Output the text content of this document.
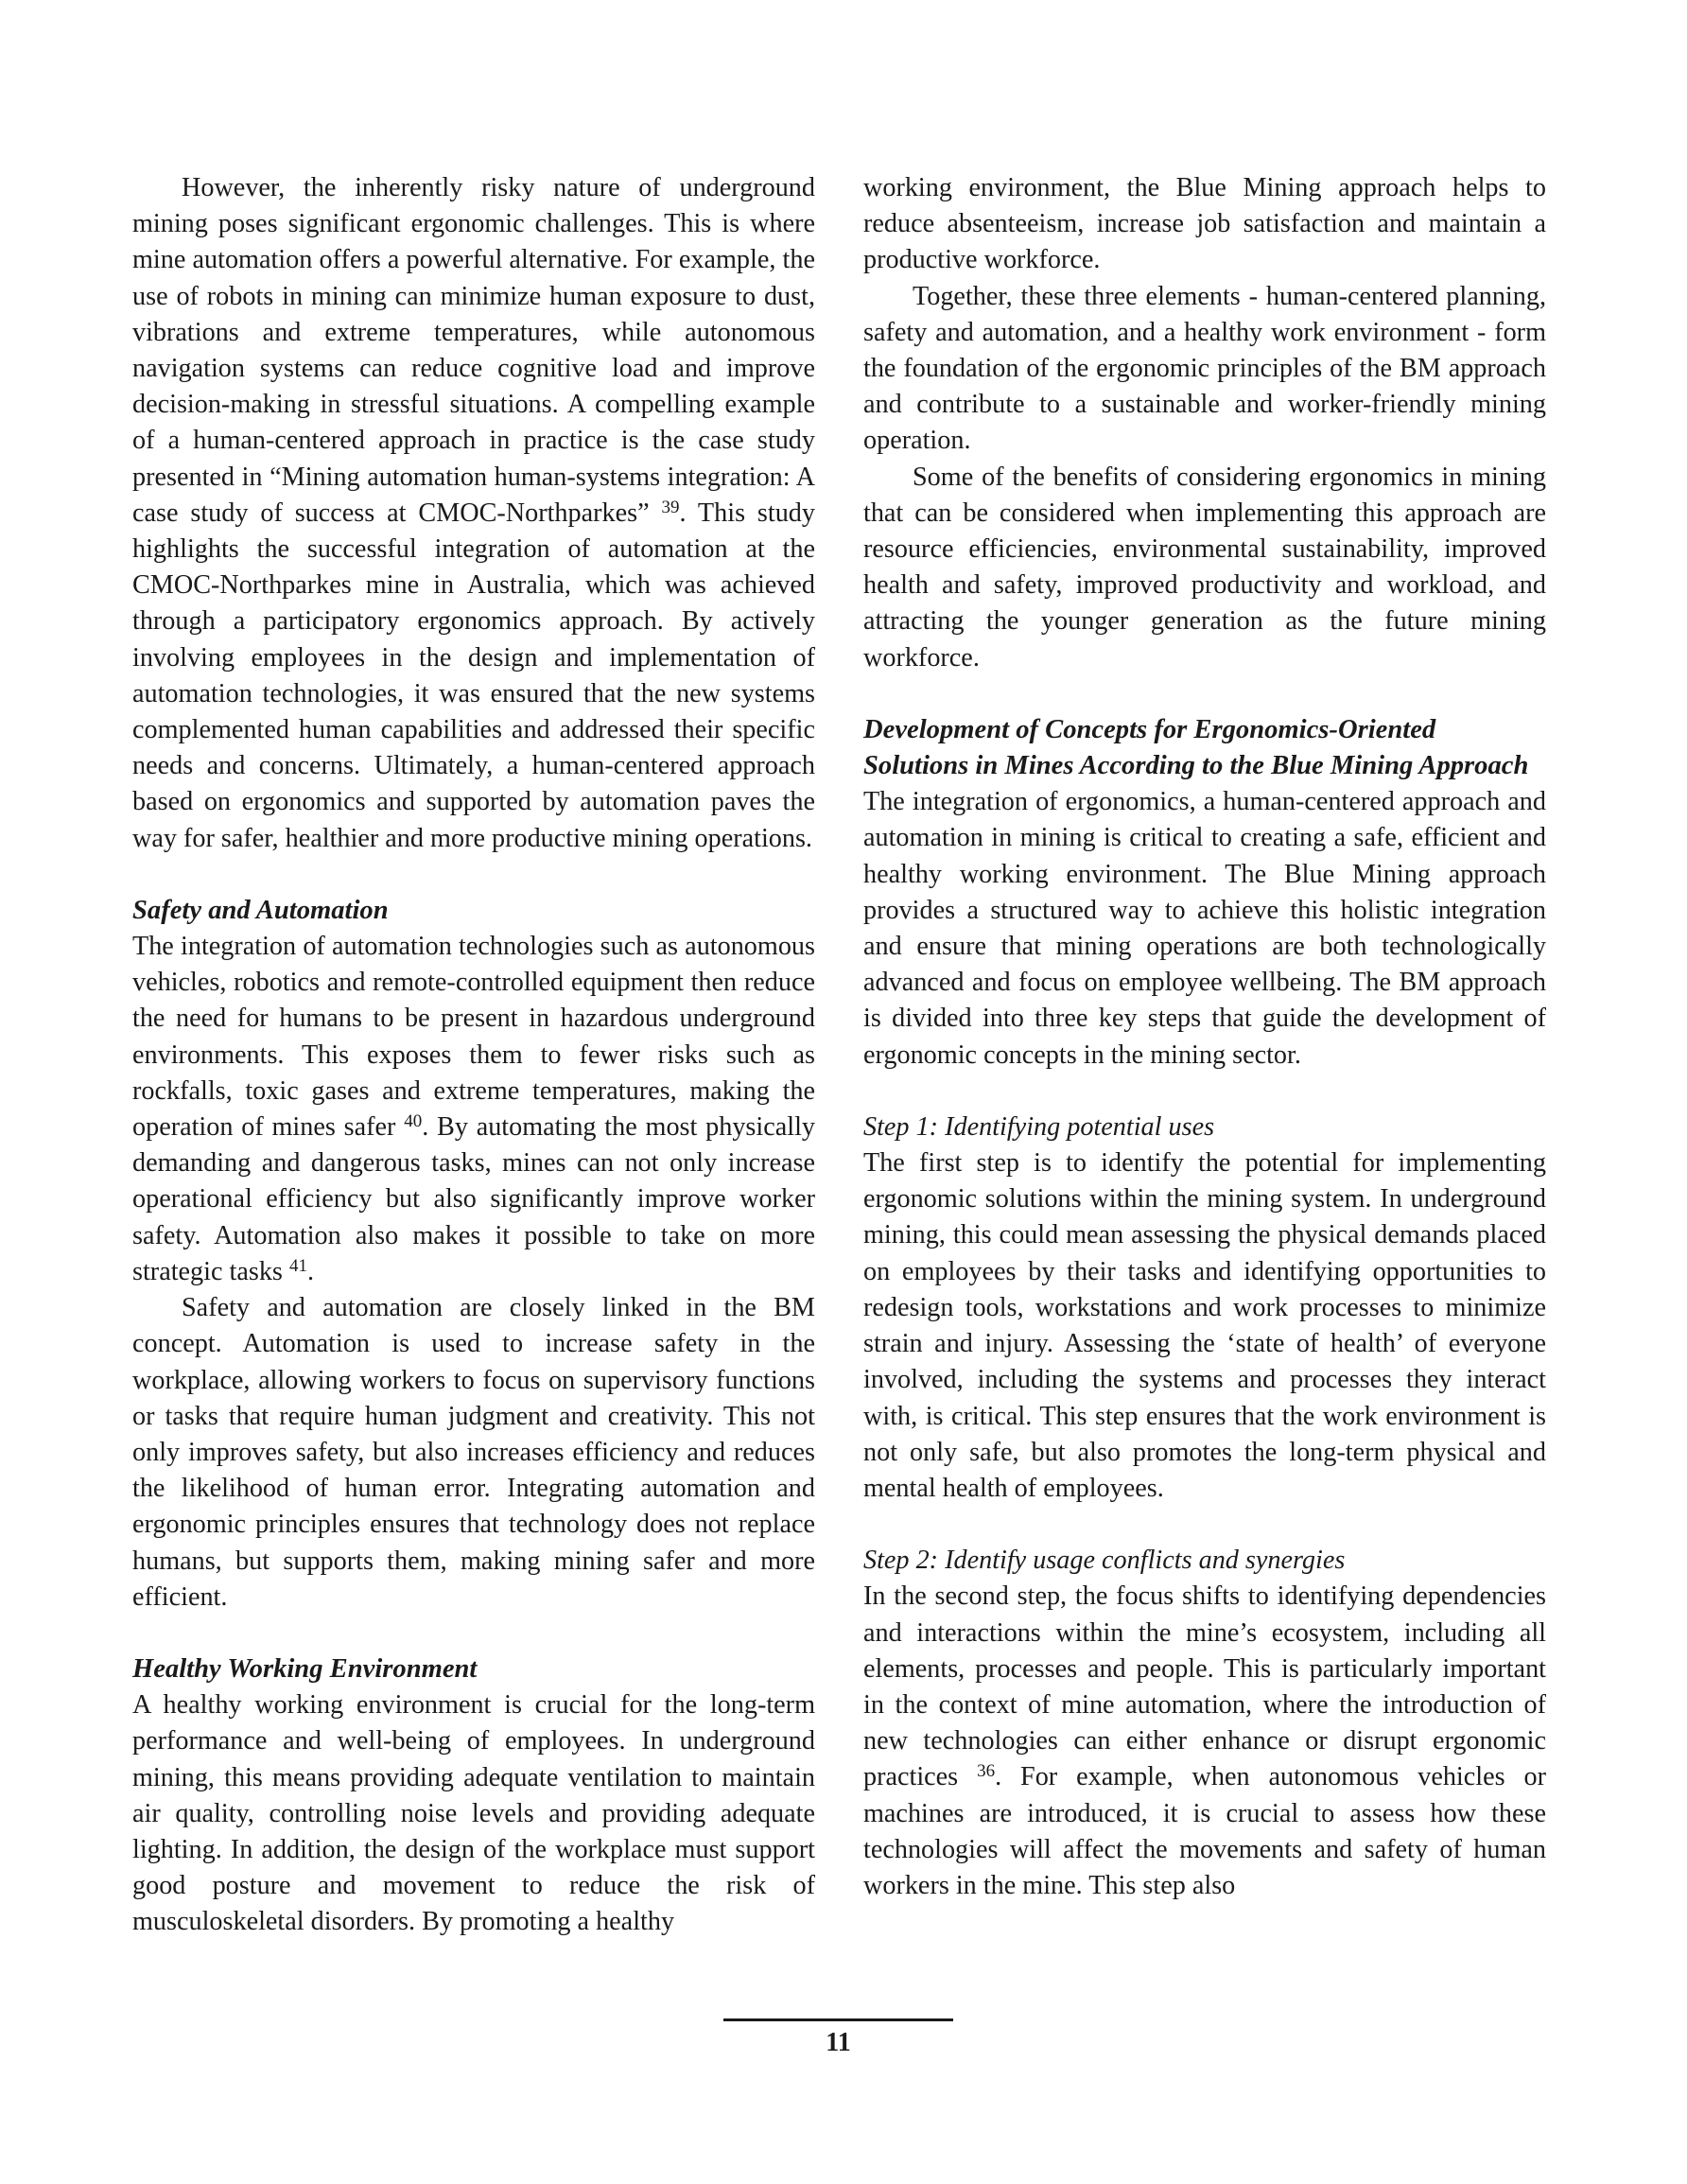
However, the inherently risky nature of underground mining poses significant ergonomic challenges. This is where mine automation offers a powerful alternative. For example, the use of robots in mining can minimize human exposure to dust, vibrations and extreme temperatures, while autonomous navigation systems can reduce cognitive load and improve decision-making in stressful situations. A compelling example of a human-centered approach in practice is the case study presented in “Mining automation human-systems integration: A case study of success at CMOC-Northparkes” $^{39}$. This study highlights the successful integration of automation at the CMOC-Northparkes mine in Australia, which was achieved through a participatory ergonomics approach. By actively involving employees in the design and implementation of automation technologies, it was ensured that the new systems complemented human capabilities and addressed their specific needs and concerns. Ultimately, a human-centered approach based on ergonomics and supported by automation paves the way for safer, healthier and more productive mining operations.

Safety and Automation

The integration of automation technologies such as autonomous vehicles, robotics and remote-controlled equipment then reduce the need for humans to be present in hazardous underground environments. This exposes them to fewer risks such as rockfalls, toxic gases and extreme temperatures, making the operation of mines safer $^{40}$. By automating the most physically demanding and dangerous tasks, mines can not only increase operational efficiency but also significantly improve worker safety. Automation also makes it possible to take on more strategic tasks $^{41}$.

Safety and automation are closely linked in the BM concept. Automation is used to increase safety in the workplace, allowing workers to focus on supervisory functions or tasks that require human judgment and creativity. This not only improves safety, but also increases efficiency and reduces the likelihood of human error. Integrating automation and ergonomic principles ensures that technology does not replace humans, but supports them, making mining safer and more efficient.

Healthy Working Environment

A healthy working environment is crucial for the long-term performance and well-being of employees. In underground mining, this means providing adequate ventilation to maintain air quality, controlling noise levels and providing adequate lighting. In addition, the design of the workplace must support good posture and movement to reduce the risk of musculoskeletal disorders. By promoting a healthy

working environment, the Blue Mining approach helps to reduce absenteeism, increase job satisfaction and maintain a productive workforce.

Together, these three elements - human-centered planning, safety and automation, and a healthy work environment - form the foundation of the ergonomic principles of the BM approach and contribute to a sustainable and worker-friendly mining operation.

Some of the benefits of considering ergonomics in mining that can be considered when implementing this approach are resource efficiencies, environmental sustainability, improved health and safety, improved productivity and workload, and attracting the younger generation as the future mining workforce.

Development of Concepts for Ergonomics-Oriented Solutions in Mines According to the Blue Mining Approach

The integration of ergonomics, a human-centered approach and automation in mining is critical to creating a safe, efficient and healthy working environment. The Blue Mining approach provides a structured way to achieve this holistic integration and ensure that mining operations are both technologically advanced and focus on employee wellbeing. The BM approach is divided into three key steps that guide the development of ergonomic concepts in the mining sector.

Step 1: Identifying potential uses

The first step is to identify the potential for implementing ergonomic solutions within the mining system. In underground mining, this could mean assessing the physical demands placed on employees by their tasks and identifying opportunities to redesign tools, workstations and work processes to minimize strain and injury. Assessing the ‘state of health’ of everyone involved, including the systems and processes they interact with, is critical. This step ensures that the work environment is not only safe, but also promotes the long-term physical and mental health of employees.

Step 2: Identify usage conflicts and synergies

In the second step, the focus shifts to identifying dependencies and interactions within the mine’s ecosystem, including all elements, processes and people. This is particularly important in the context of mine automation, where the introduction of new technologies can either enhance or disrupt ergonomic practices $^{36}$. For example, when autonomous vehicles or machines are introduced, it is crucial to assess how these technologies will affect the movements and safety of human workers in the mine. This step also

11
